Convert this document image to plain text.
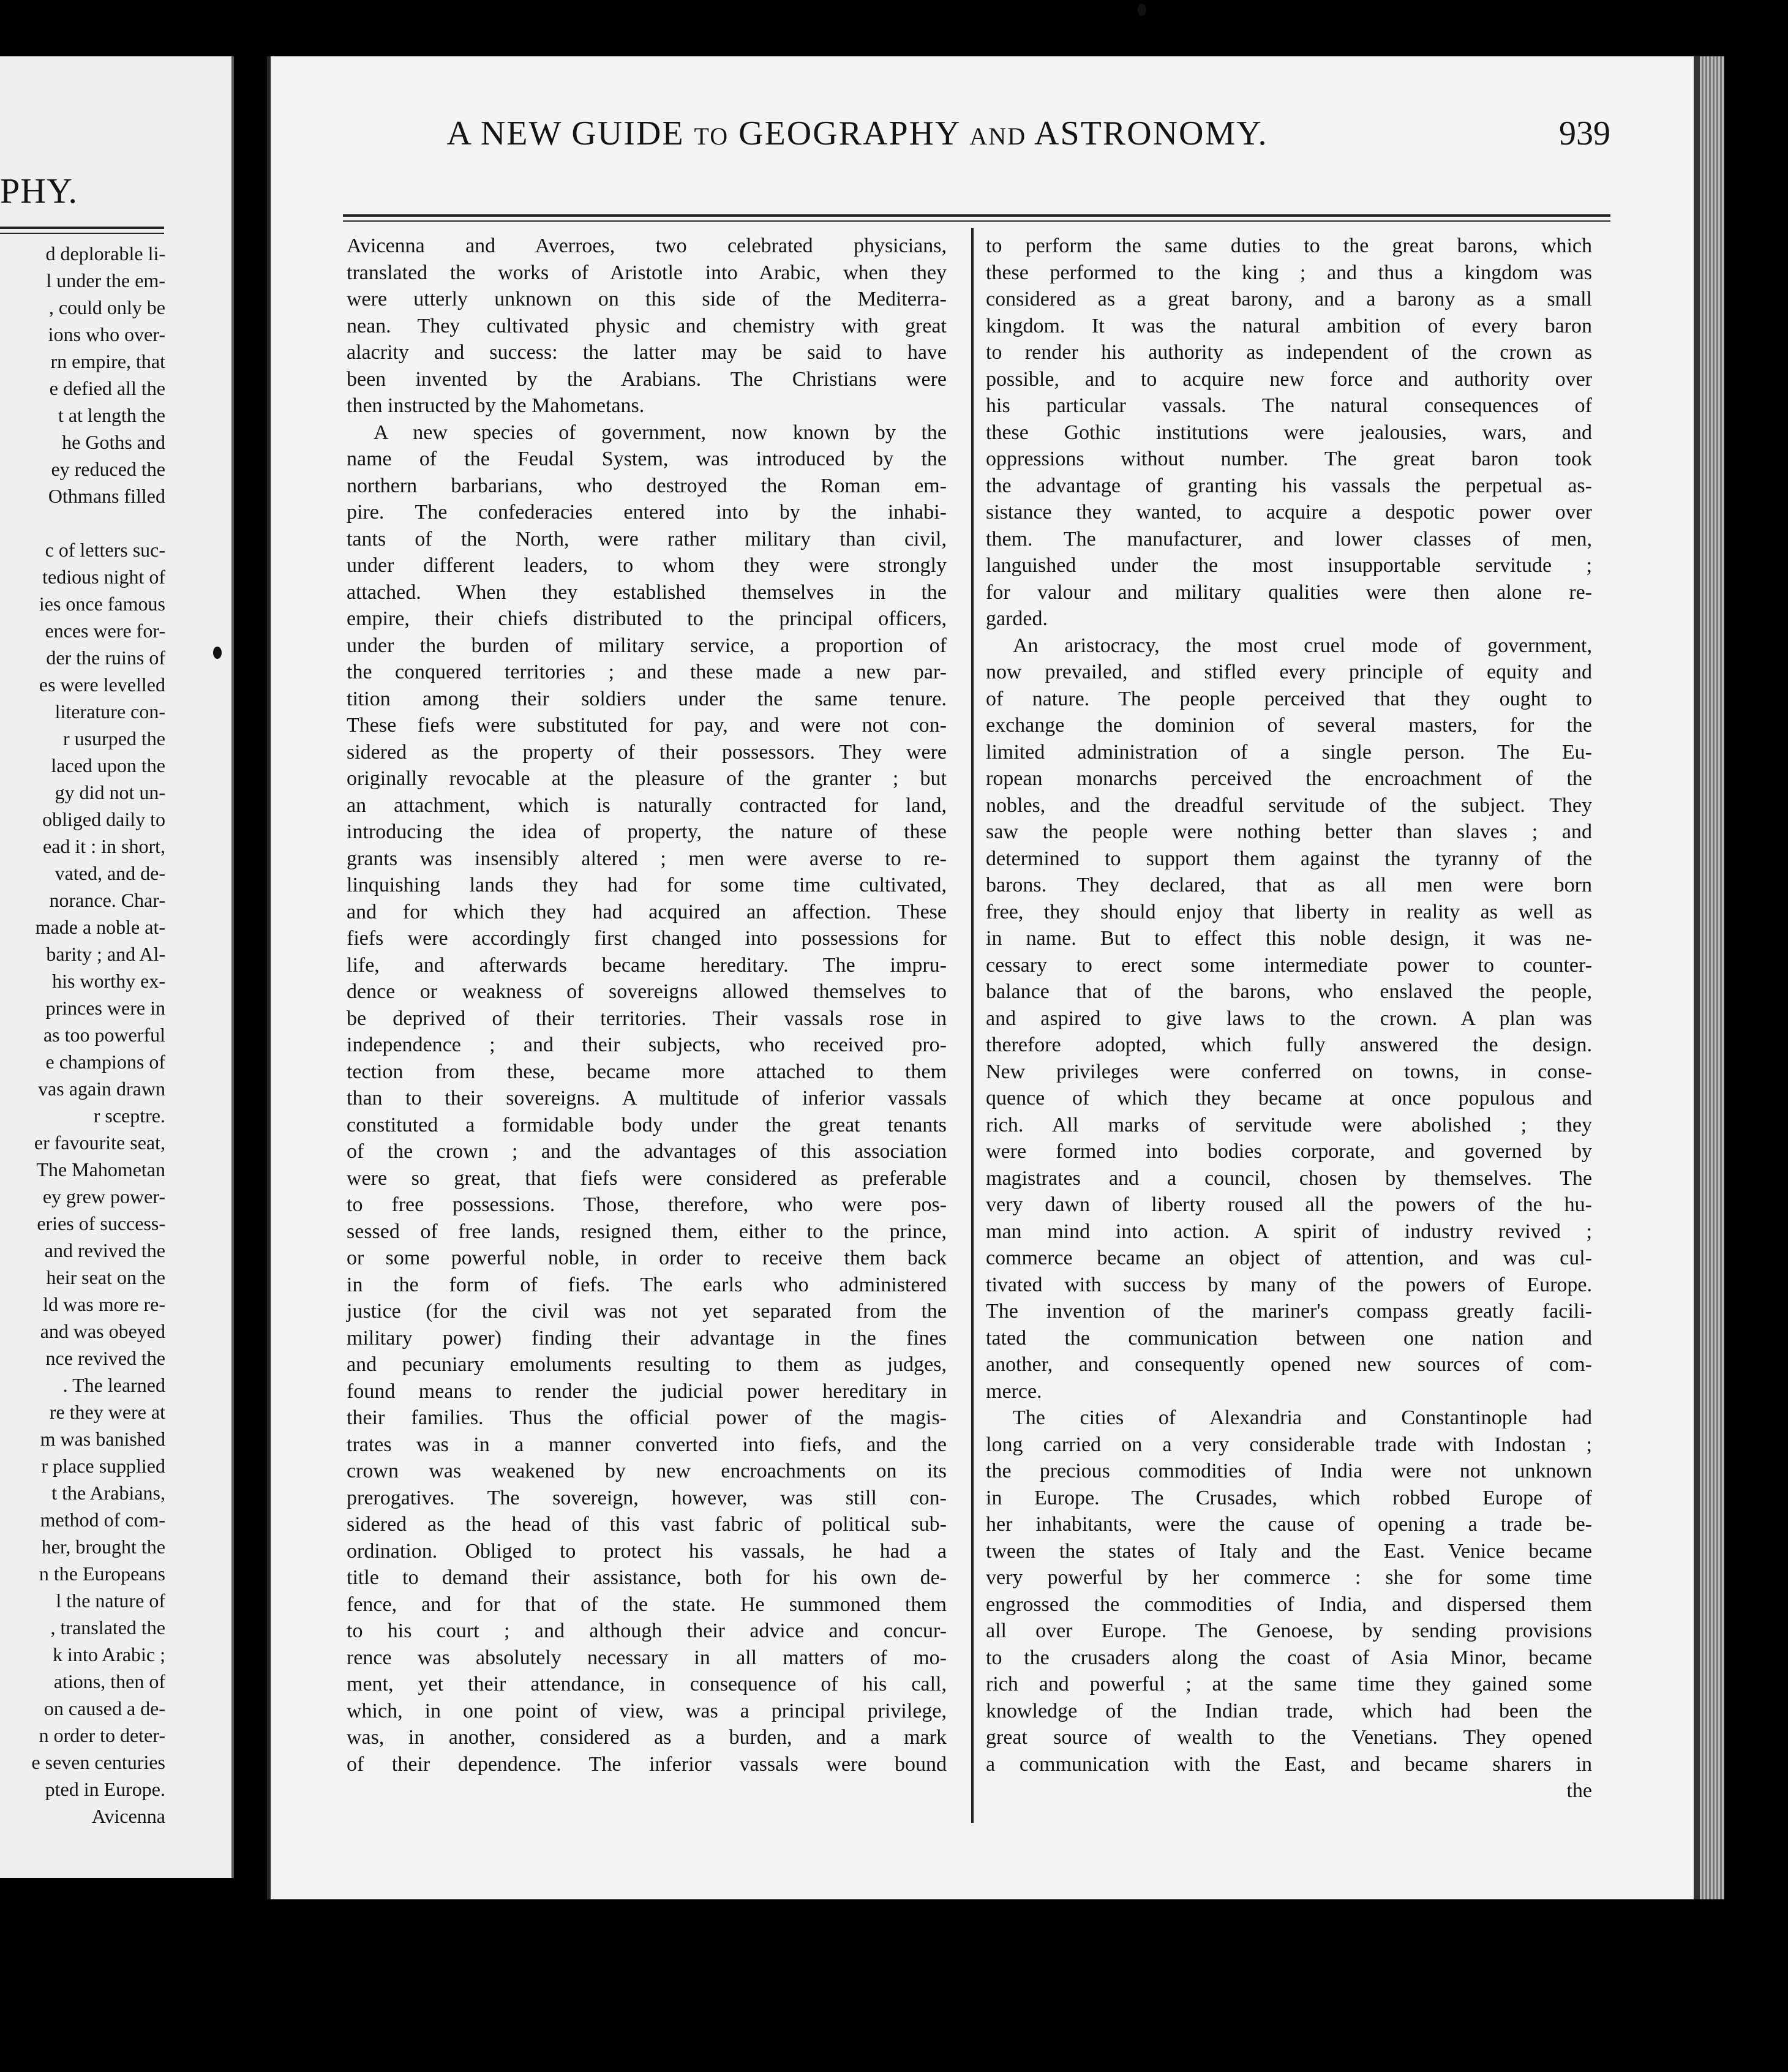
PHY.
d deplorable li-
l under the em-
, could only be
ions who over-
rn empire, that
e defied all the
t at length the
he Goths and
ey reduced the
Othmans filled
c of letters suc-
tedious night of
ies once famous
ences were for-
der the ruins of
es were levelled
literature con-
r usurped the
laced upon the
gy did not un-
obliged daily to
ead it : in short,
vated, and de-
norance. Char-
made a noble at-
barity ; and Al-
his worthy ex-
princes were in
as too powerful
e champions of
vas again drawn
r sceptre.
er favourite seat,
The Mahometan
ey grew power-
eries of success-
and revived the
heir seat on the
ld was more re-
and was obeyed
nce revived the
. The learned
re they were at
m was banished
r place supplied
t the Arabians,
method of com-
her, brought the
n the Europeans
l the nature of
, translated the
k into Arabic ;
ations, then of
on caused a de-
n order to deter-
e seven centuries
pted in Europe.
Avicenna
A NEW GUIDE TO GEOGRAPHY AND ASTRONOMY.	939
Avicenna and Averroes, two celebrated physicians,
translated the works of Aristotle into Arabic, when they
were utterly unknown on this side of the Mediterra-
nean. They cultivated physic and chemistry with great
alacrity and success: the latter may be said to have
been invented by the Arabians. The Christians were
then instructed by the Mahometans.
A new species of government, now known by the
name of the Feudal System, was introduced by the
northern barbarians, who destroyed the Roman em-
pire. The confederacies entered into by the inhabi-
tants of the North, were rather military than civil,
under different leaders, to whom they were strongly
attached. When they established themselves in the
empire, their chiefs distributed to the principal officers,
under the burden of military service, a proportion of
the conquered territories ; and these made a new par-
tition among their soldiers under the same tenure.
These fiefs were substituted for pay, and were not con-
sidered as the property of their possessors. They were
originally revocable at the pleasure of the granter ; but
an attachment, which is naturally contracted for land,
introducing the idea of property, the nature of these
grants was insensibly altered ; men were averse to re-
linquishing lands they had for some time cultivated,
and for which they had acquired an affection. These
fiefs were accordingly first changed into possessions for
life, and afterwards became hereditary. The impru-
dence or weakness of sovereigns allowed themselves to
be deprived of their territories. Their vassals rose in
independence ; and their subjects, who received pro-
tection from these, became more attached to them
than to their sovereigns. A multitude of inferior vassals
constituted a formidable body under the great tenants
of the crown ; and the advantages of this association
were so great, that fiefs were considered as preferable
to free possessions. Those, therefore, who were pos-
sessed of free lands, resigned them, either to the prince,
or some powerful noble, in order to receive them back
in the form of fiefs. The earls who administered
justice (for the civil was not yet separated from the
military power) finding their advantage in the fines
and pecuniary emoluments resulting to them as judges,
found means to render the judicial power hereditary in
their families. Thus the official power of the magis-
trates was in a manner converted into fiefs, and the
crown was weakened by new encroachments on its
prerogatives. The sovereign, however, was still con-
sidered as the head of this vast fabric of political sub-
ordination. Obliged to protect his vassals, he had a
title to demand their assistance, both for his own de-
fence, and for that of the state. He summoned them
to his court ; and although their advice and concur-
rence was absolutely necessary in all matters of mo-
ment, yet their attendance, in consequence of his call,
which, in one point of view, was a principal privilege,
was, in another, considered as a burden, and a mark
of their dependence. The inferior vassals were bound
to perform the same duties to the great barons, which
these performed to the king ; and thus a kingdom was
considered as a great barony, and a barony as a small
kingdom. It was the natural ambition of every baron
to render his authority as independent of the crown as
possible, and to acquire new force and authority over
his particular vassals. The natural consequences of
these Gothic institutions were jealousies, wars, and
oppressions without number. The great baron took
the advantage of granting his vassals the perpetual as-
sistance they wanted, to acquire a despotic power over
them. The manufacturer, and lower classes of men,
languished under the most insupportable servitude ;
for valour and military qualities were then alone re-
garded.
An aristocracy, the most cruel mode of government,
now prevailed, and stifled every principle of equity and
of nature. The people perceived that they ought to
exchange the dominion of several masters, for the
limited administration of a single person. The Eu-
ropean monarchs perceived the encroachment of the
nobles, and the dreadful servitude of the subject. They
saw the people were nothing better than slaves ; and
determined to support them against the tyranny of the
barons. They declared, that as all men were born
free, they should enjoy that liberty in reality as well as
in name. But to effect this noble design, it was ne-
cessary to erect some intermediate power to counter-
balance that of the barons, who enslaved the people,
and aspired to give laws to the crown. A plan was
therefore adopted, which fully answered the design.
New privileges were conferred on towns, in conse-
quence of which they became at once populous and
rich. All marks of servitude were abolished ; they
were formed into bodies corporate, and governed by
magistrates and a council, chosen by themselves. The
very dawn of liberty roused all the powers of the hu-
man mind into action. A spirit of industry revived ;
commerce became an object of attention, and was cul-
tivated with success by many of the powers of Europe.
The invention of the mariner's compass greatly facili-
tated the communication between one nation and
another, and consequently opened new sources of com-
merce.
The cities of Alexandria and Constantinople had
long carried on a very considerable trade with Indostan ;
the precious commodities of India were not unknown
in Europe. The Crusades, which robbed Europe of
her inhabitants, were the cause of opening a trade be-
tween the states of Italy and the East. Venice became
very powerful by her commerce : she for some time
engrossed the commodities of India, and dispersed them
all over Europe. The Genoese, by sending provisions
to the crusaders along the coast of Asia Minor, became
rich and powerful ; at the same time they gained some
knowledge of the Indian trade, which had been the
great source of wealth to the Venetians. They opened
a communication with the East, and became sharers in
the
